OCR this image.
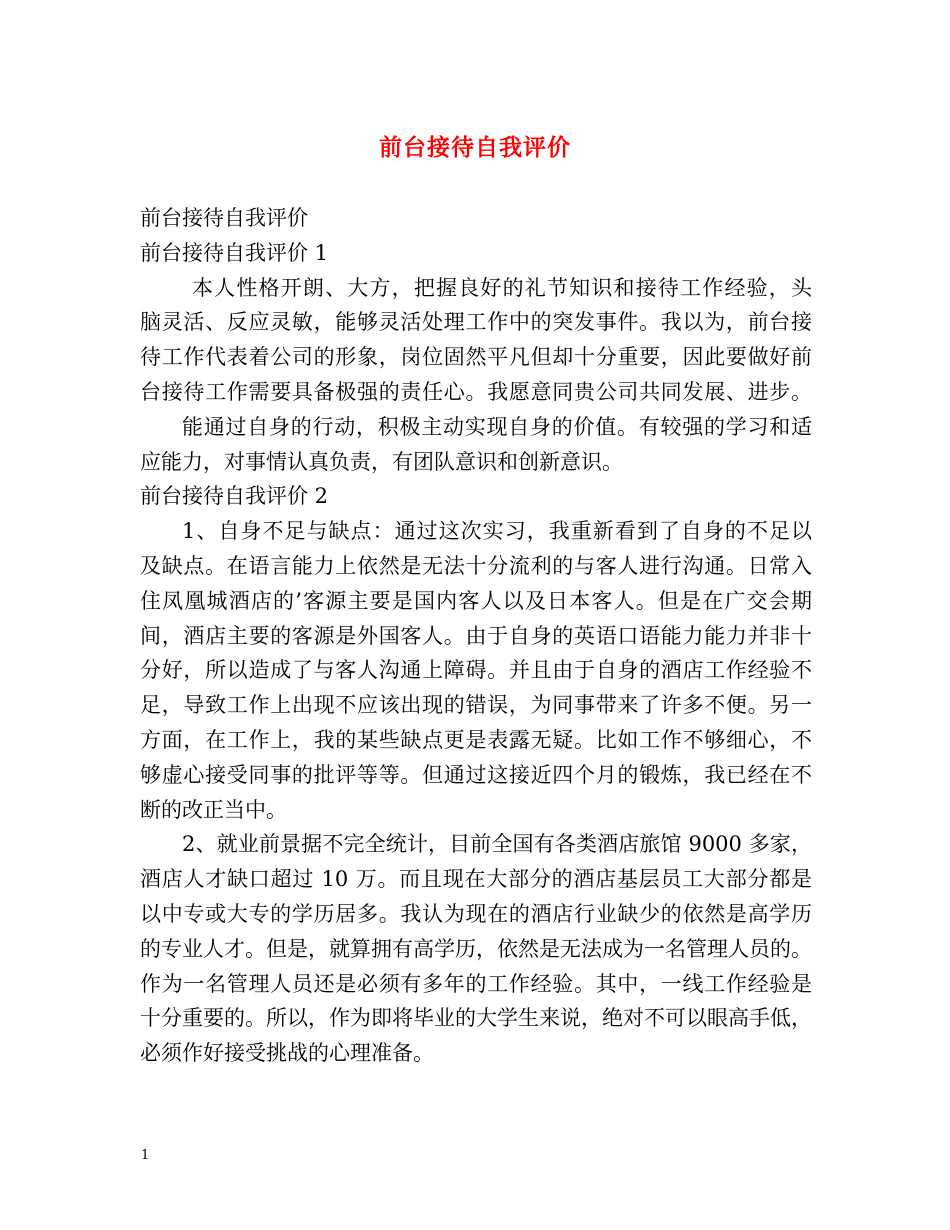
前台接待自我评价
前台接待自我评价
前台接待自我评价 1
本人性格开朗、大方，把握良好的礼节知识和接待工作经验，头
脑灵活、反应灵敏，能够灵活处理工作中的突发事件。我以为，前台接
待工作代表着公司的形象，岗位固然平凡但却十分重要，因此要做好前
台接待工作需要具备极强的责任心。我愿意同贵公司共同发展、进步。
能通过自身的行动，积极主动实现自身的价值。有较强的学习和适
应能力，对事情认真负责，有团队意识和创新意识。
前台接待自我评价 2
1、自身不足与缺点：通过这次实习，我重新看到了自身的不足以
及缺点。在语言能力上依然是无法十分流利的与客人进行沟通。日常入
住凤凰城酒店的’客源主要是国内客人以及日本客人。但是在广交会期
间，酒店主要的客源是外国客人。由于自身的英语口语能力能力并非十
分好，所以造成了与客人沟通上障碍。并且由于自身的酒店工作经验不
足，导致工作上出现不应该出现的错误，为同事带来了许多不便。另一
方面，在工作上，我的某些缺点更是表露无疑。比如工作不够细心，不
够虚心接受同事的批评等等。但通过这接近四个月的锻炼，我已经在不
断的改正当中。
2、就业前景据不完全统计，目前全国有各类酒店旅馆 9000 多家，
酒店人才缺口超过 10 万。而且现在大部分的酒店基层员工大部分都是
以中专或大专的学历居多。我认为现在的酒店行业缺少的依然是高学历
的专业人才。但是，就算拥有高学历，依然是无法成为一名管理人员的。
作为一名管理人员还是必须有多年的工作经验。其中，一线工作经验是
十分重要的。所以，作为即将毕业的大学生来说，绝对不可以眼高手低，
必须作好接受挑战的心理准备。
1
